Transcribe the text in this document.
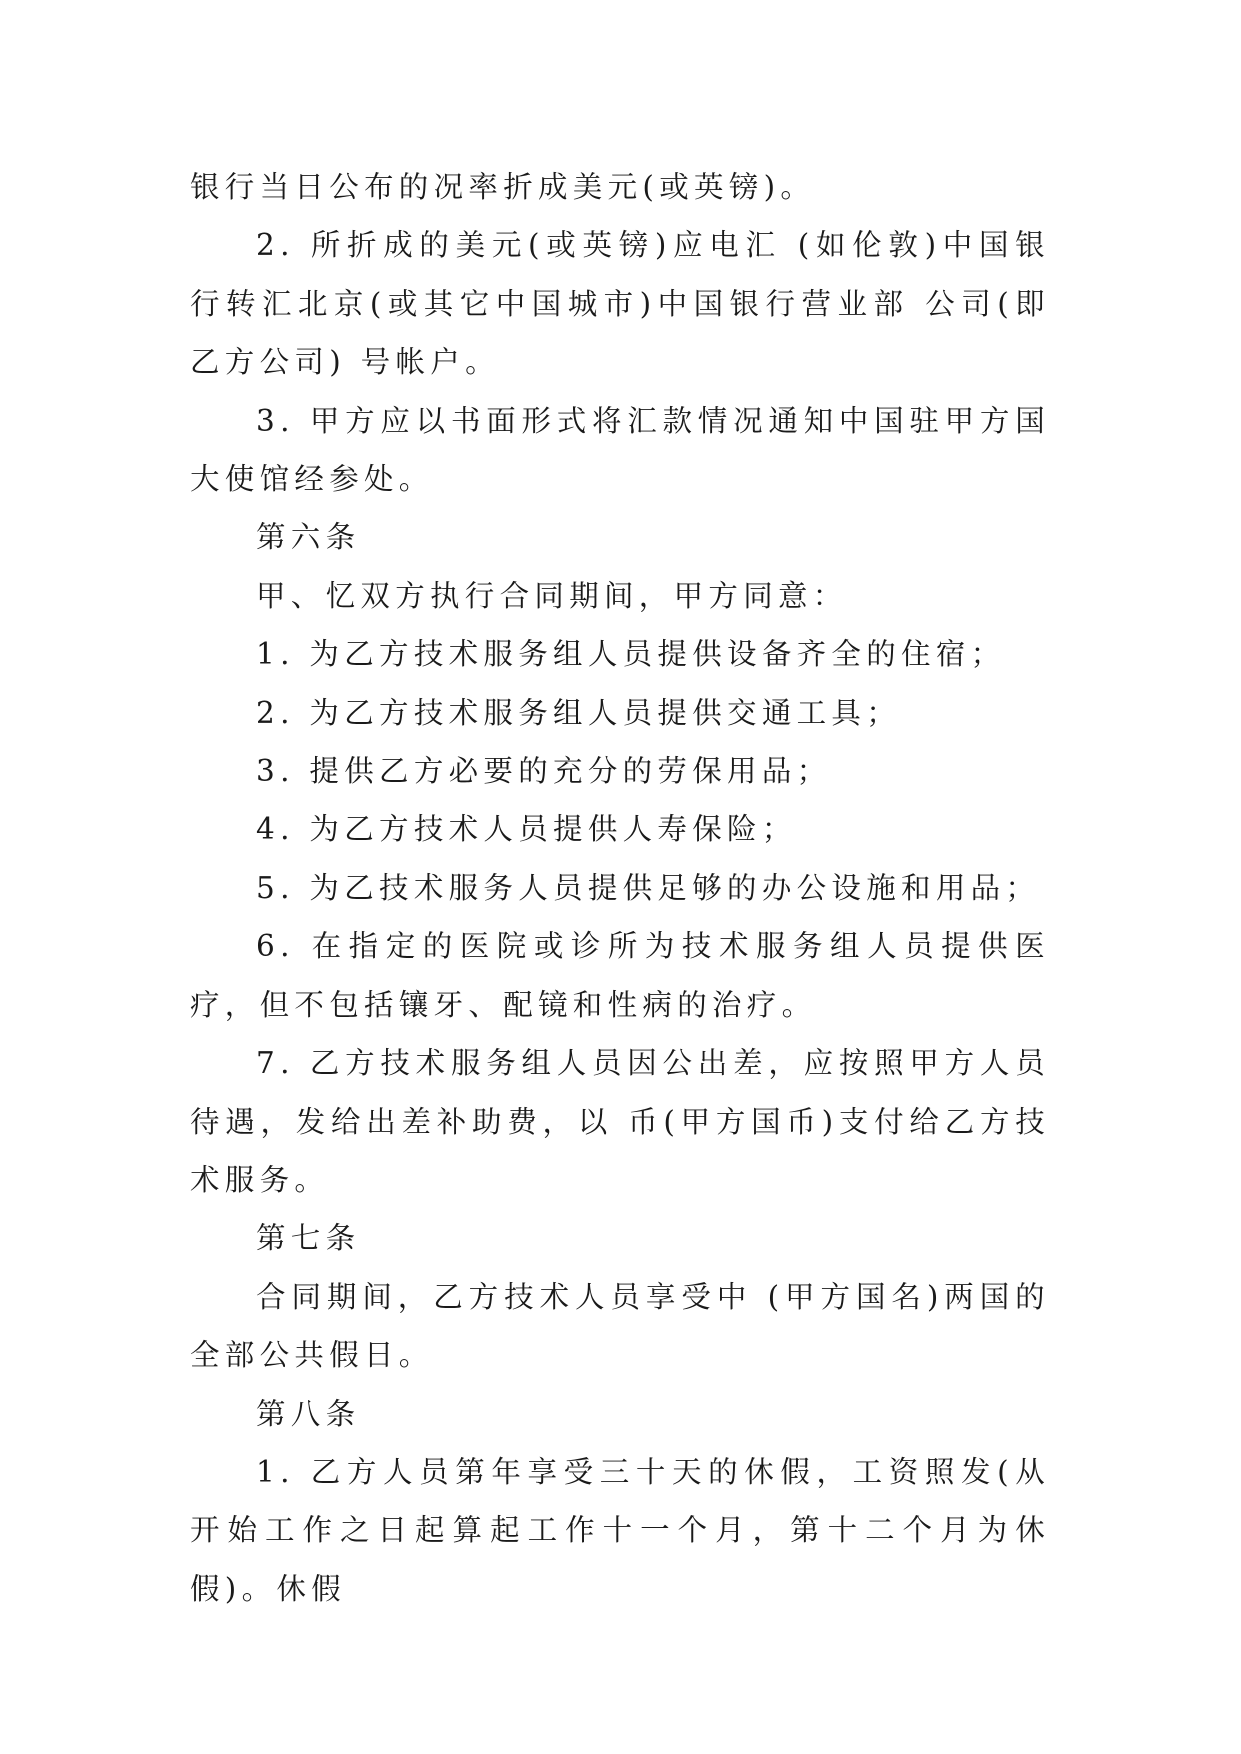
银行当日公布的况率折成美元(或英镑)。

2. 所折成的美元(或英镑)应电汇 (如伦敦)中国银行转汇北京(或其它中国城市)中国银行营业部 公司(即乙方公司) 号帐户。

3. 甲方应以书面形式将汇款情况通知中国驻甲方国大使馆经参处。

第六条

甲、忆双方执行合同期间，甲方同意：

1. 为乙方技术服务组人员提供设备齐全的住宿；

2. 为乙方技术服务组人员提供交通工具；

3. 提供乙方必要的充分的劳保用品；

4. 为乙方技术人员提供人寿保险；

5. 为乙技术服务人员提供足够的办公设施和用品；

6. 在指定的医院或诊所为技术服务组人员提供医疗，但不包括镶牙、配镜和性病的治疗。

7. 乙方技术服务组人员因公出差，应按照甲方人员待遇，发给出差补助费，以 币(甲方国币)支付给乙方技术服务。

第七条

合同期间，乙方技术人员享受中 (甲方国名)两国的全部公共假日。

第八条

1. 乙方人员第年享受三十天的休假，工资照发(从开始工作之日起算起工作十一个月，第十二个月为休假)。休假
